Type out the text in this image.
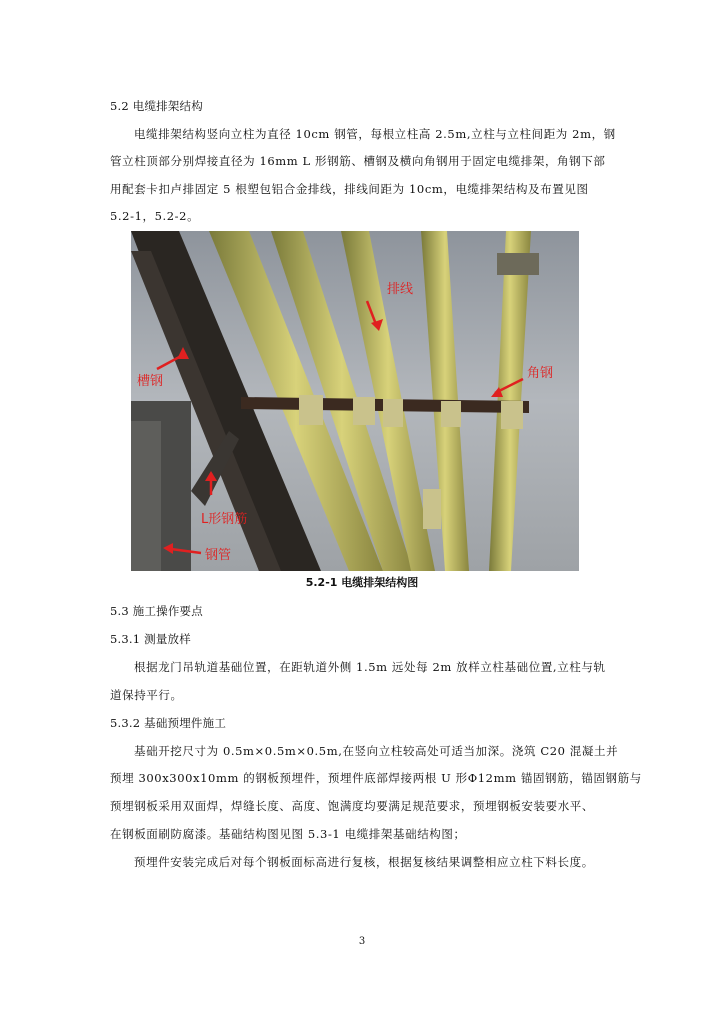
5.2 电缆排架结构
电缆排架结构竖向立柱为直径 10cm 钢管，每根立柱高 2.5m,立柱与立柱间距为 2m，钢
管立柱顶部分别焊接直径为 16mm L 形钢筋、槽钢及横向角钢用于固定电缆排架，角钢下部
用配套卡扣卢排固定 5 根塑包铝合金排线，排线间距为 10cm，电缆排架结构及布置见图
5.2-1，5.2-2。
排线
槽钢
角钢
L形钢筋
钢管
5.2-1 电缆排架结构图
5.3 施工操作要点
5.3.1 测量放样
根据龙门吊轨道基础位置，在距轨道外侧 1.5m 远处每 2m 放样立柱基础位置,立柱与轨
道保持平行。
5.3.2 基础预埋件施工
基础开挖尺寸为 0.5m×0.5m×0.5m,在竖向立柱较高处可适当加深。浇筑 C20 混凝土并
预埋 300x300x10mm 的钢板预埋件，预埋件底部焊接两根 U 形Φ12mm 锚固钢筋，锚固钢筋与
预埋钢板采用双面焊，焊缝长度、高度、饱满度均要满足规范要求，预埋钢板安装要水平、
在钢板面刷防腐漆。基础结构图见图 5.3-1 电缆排架基础结构图；
预埋件安装完成后对每个钢板面标高进行复核，根据复核结果调整相应立柱下料长度。
3
